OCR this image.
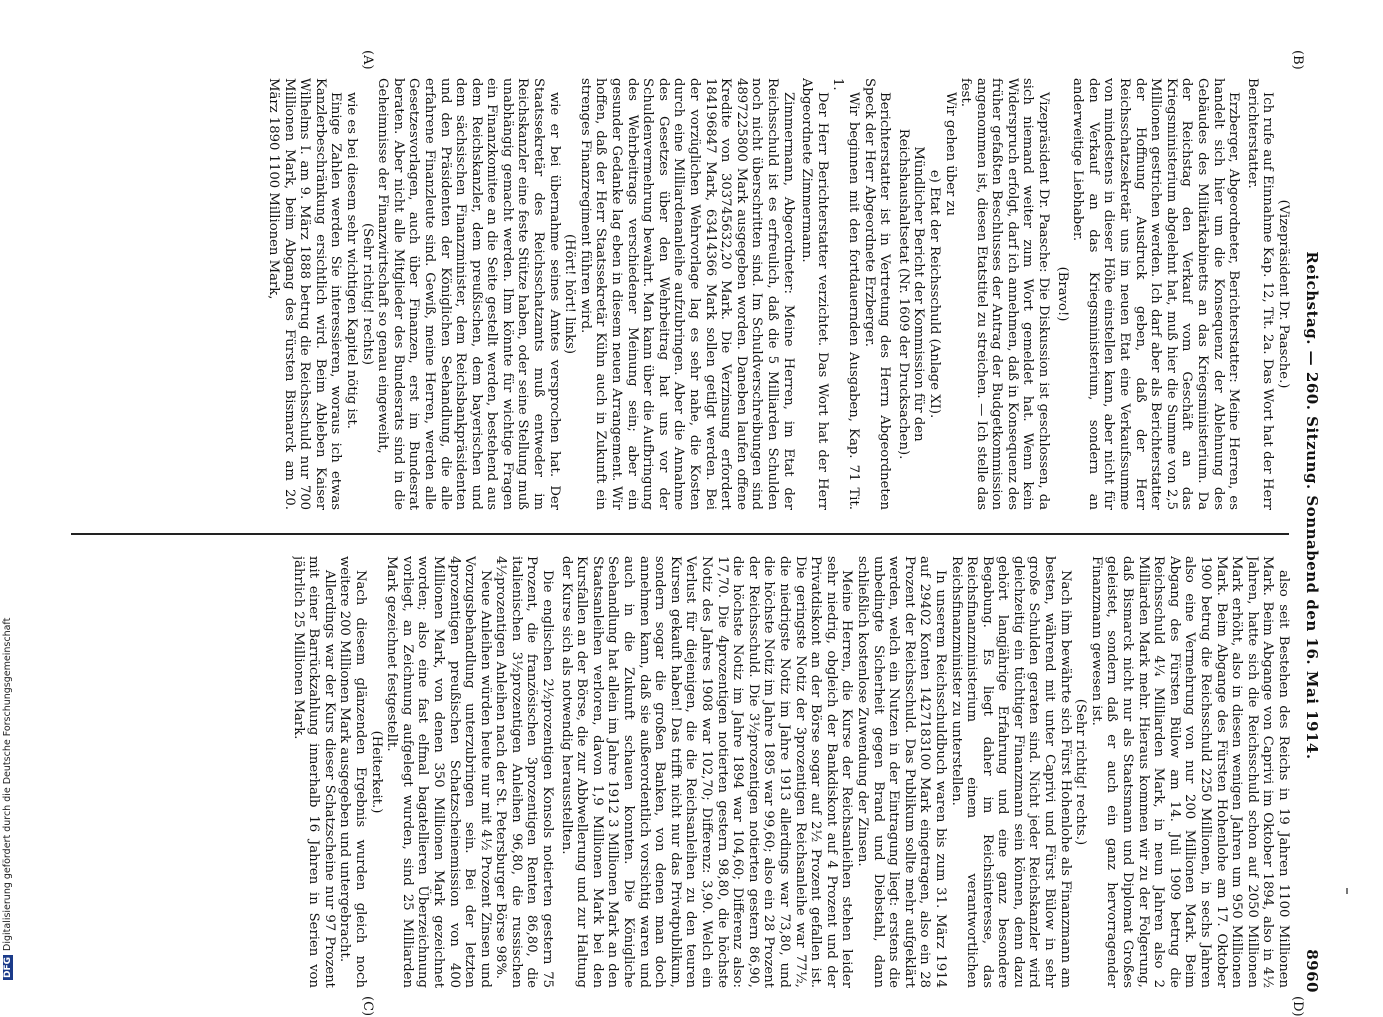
DFGDigitalisierung gefördert durch die Deutsche Forschungsgemeinschaft
Reichstag. — 260. Sitzung. Sonnabend den 16. Mai 1914.
8960
(A)	(B)
(C)	(D)

(Vizepräsident Dr. Paasche.)

Ich rufe auf Einnahme Kap. 12, Tit. 2a. Das Wort hat der Herr Berichterstatter.

Erzberger, Abgeordneter, Berichterstatter: Meine Herren, es handelt sich hier um die Konsequenz der Ablehnung des Gebäudes des Militärkabinetts an das Kriegsministerium. Da der Reichstag den Verkauf vom Geschäft an das Kriegsministerium abgelehnt hat, muß hier die Summe von 2,5 Millionen gestrichen werden. Ich darf aber als Berichterstatter der Hoffnung Ausdruck geben, daß der Herr Reichsschatzsekretär uns im neuen Etat eine Verkaufssumme von mindestens in dieser Höhe einstellen kann, aber nicht für den Verkauf an das Kriegsministerium, sondern an anderweitige Liebhaber.

(Bravo!)

Vizepräsident Dr. Paasche: Die Diskussion ist geschlossen, da sich niemand weiter zum Wort gemeldet hat. Wenn kein Widerspruch erfolgt, darf ich annehmen, daß in Konsequenz des früher gefaßten Beschlusses der Antrag der Budgetkommission angenommen ist, diesen Etatstitel zu streichen. — Ich stelle das fest.

Wir gehen über zu

e) Etat der Reichsschuld (Anlage XI).

Mündlicher Bericht der Kommission für den Reichshaushaltsetat (Nr. 1609 der Drucksachen).

Berichterstatter ist in Vertretung des Herrn Abgeordneten Speck der Herr Abgeordnete Erzberger.

Wir beginnen mit den fortdauernden Ausgaben, Kap. 71 Tit. 1.

Der Herr Berichterstatter verzichtet. Das Wort hat der Herr Abgeordnete Zimmermann.

Zimmermann, Abgeordneter: Meine Herren, im Etat der Reichsschuld ist es erfreulich, daß die 5 Milliarden Schulden noch nicht überschritten sind. Im Schuldverschreibungen sind 4897225800 Mark ausgegeben worden. Daneben laufen offene Kredite von 303745632,20 Mark. Die Verzinsung erfordert 184196847 Mark, 63414366 Mark sollen getilgt werden. Bei der vorzüglichen Wehrvorlage lag es sehr nahe, die Kosten durch eine Milliardenanleihe aufzubringen. Aber die Annahme des Gesetzes über den Wehrbeitrag hat uns vor der Schuldenvermehrung bewahrt. Man kann über die Aufbringung des Wehrbeitrags verschiedener Meinung sein; aber ein gesunder Gedanke lag eben in diesem neuen Arrangement. Wir hoffen, daß der Herr Staatssekretär Kühn auch in Zukunft ein strenges Finanzregiment führen wird.

(Hört! hört! links)

wie er bei übernahme seines Amtes versprochen hat. Der Staatssekretär des Reichsschatzamts muß entweder im Reichskanzler eine feste Stütze haben, oder seine Stellung muß unabhängig gemacht werden. Ihm könnte für wichtige Fragen ein Finanzkomitee an die Seite gestellt werden, bestehend aus dem Reichskanzler, dem preußischen, dem bayerischen und dem sächsischen Finanzminister, dem Reichsbankpräsidenten und den Präsidenten der Königlichen Seehandlung, die alle erfahrene Finanzleute sind. Gewiß, meine Herren, werden alle Gesetzesvorlagen, auch über Finanzen, erst im Bundesrat beraten. Aber nicht alle Mitglieder des Bundesrats sind in die Geheimnisse der Finanzwirtschaft so genau eingeweiht,

(Sehr richtig! rechts)

wie es bei diesem sehr wichtigen Kapitel nötig ist.

Einige Zahlen werden Sie interessieren, woraus ich etwas Kanzlerbeschränkung ersichtlich wird. Beim Ableben Kaiser Wilhelms I. am 9. März 1888 betrug die Reichsschuld nur 700 Millionen Mark, beim Abgang des Fürsten Bismarck am 20. März 1890 1100 Millionen Mark,

also seit Bestehen des Reichs in 19 Jahren 1100 Millionen Mark. Beim Abgange von Caprivi im Oktober 1894, also in 4½ Jahren, hatte sich die Reichsschuld schon auf 2050 Millionen Mark erhöht, also in diesen wenigen Jahren um 950 Millionen Mark. Beim Abgange des Fürsten Hohenlohe am 17. Oktober 1900 betrug die Reichsschuld 2250 Millionen, in sechs Jahren also eine Vermehrung von nur 200 Millionen Mark. Beim Abgang des Fürsten Bülow am 14. Juli 1909 betrug die Reichsschuld 4¼ Milliarden Mark, in neun Jahren also 2 Milliarden Mark mehr. Hieraus kommen wir zu der Folgerung, daß Bismarck nicht nur als Staatsmann und Diplomat Großes geleistet, sondern daß er auch ein ganz hervorragender Finanzmann gewesen ist.

(Sehr richtig! rechts.)

Nach ihm bewährte sich Fürst Hohenlohe als Finanzmann am besten, während mit unter Caprivi und Fürst Bülow in sehr große Schulden geraten sind. Nicht jeder Reichskanzler wird gleichzeitig ein tüchtiger Finanzmann sein können, denn dazu gehört langjährige Erfahrung und eine ganz besondere Begabung. Es liegt daher im Reichsinteresse, das Reichsfinanzministerium einem verantwortlichen Reichsfinanzminister zu unterstellen.

In unserem Reichsschuldbuch waren bis zum 31. März 1914 auf 29402 Konten 1427183100 Mark eingetragen, also ein 28 Prozent der Reichsschuld. Das Publikum sollte mehr aufgeklärt werden, welch ein Nutzen in der Eintragung liegt: erstens die unbedingte Sicherheit gegen Brand und Diebstahl, dann schließlich kostenlose Zuwendung der Zinsen.

Meine Herren, die Kurse der Reichsanleihen stehen leider sehr niedrig, obgleich der Bankdiskont auf 4 Prozent und der Privatdiskont an der Börse sogar auf 2½ Prozent gefallen ist. Die geringste Notiz der 3prozentigen Reichsanleihe war 77½, die niedrigste Notiz im Jahre 1913 allerdings war 73,80, und die höchste Notiz im Jahre 1895 war 99,60; also ein 28 Prozent der Reichsschuld. Die 3½prozentigen notierten gestern 86,90, die höchste Notiz im Jahre 1894 war 104,60; Differenz also: 17,70. Die 4prozentigen notierten gestern 98,80, die höchste Notiz des Jahres 1908 war 102,70; Differenz: 3,90. Welch ein Verlust für diejenigen, die die Reichsanleihen zu den teuren Kursen gekauft haben! Das trifft nicht nur das Privatpublikum, sondern sogar die großen Banken, von denen man doch annehmen kann, daß sie außerordentlich vorsichtig waren und auch in die Zukunft schauen konnten. Die Königliche Seehandlung hat allein im Jahre 1912 3 Millionen Mark an den Staatsanleihen verloren, davon 1,9 Millionen Mark bei den Kursfallen an der Börse, die zur Abbwellerung und zur Haltung der Kurse sich als notwendig herausstellten.

Die englischen 2½prozentigen Konsols notierten gestern 75 Prozent, die französischen 3prozentigen Renten 86,80, die italienischen 3½prozentigen Anleihen 96,80, die russischen 4½prozentigen Anleihen nach der St. Petersburger Börse 98%.

Neue Anleihen würden heute nur mit 4½ Prozent Zinsen und Vorzugsbehandlung unterzubringen sein. Bei der letzten 4prozentigen preußischen Schatzscheinemission von 400 Millionen Mark, von denen 350 Millionen Mark gezeichnet worden; also eine fast elfmal bagatellieren Überzeichnung vorliegt, an Zeichnung aufgelegt wurden, sind 25 Milliarden Mark gezeichnet festgestellt.

(Heiterkeit.)

Nach diesem glänzenden Ergebnis wurden gleich noch weitere 200 Millionen Mark ausgegeben und untergebracht.

Allerdings war der Kurs dieser Schatzscheine nur 97 Prozent mit einer Barrückzahlung innerhalb 16 Jahren in Serien von jährlich 25 Millionen Mark.
